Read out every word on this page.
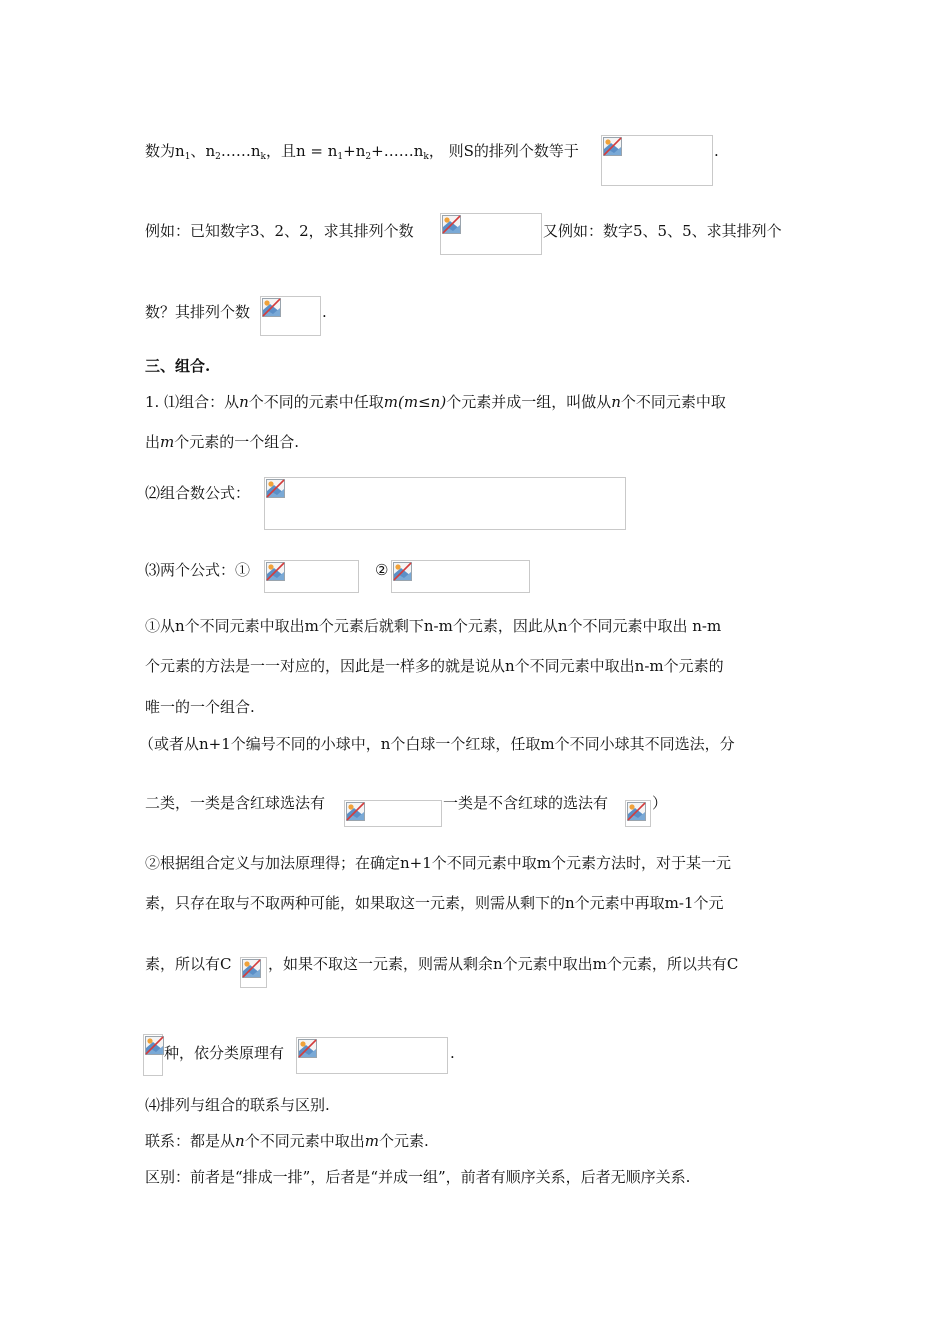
数为$n_1$、$n_2\dots\dots n_k$，且$n = n_1+n_2+\dots\dots n_k$， 则S的排列个数等于	.
例如：已知数字3、2、2，求其排列个数	又例如：数字5、5、5、求其排列个
数？其排列个数	.
三、组合.
1. ⑴组合：从n个不同的元素中任取m(m≤n)个元素并成一组，叫做从n个不同元素中取
出m个元素的一个组合.
⑵组合数公式：
⑶两个公式：①	②
①从n个不同元素中取出m个元素后就剩下n-m个元素，因此从n个不同元素中取出 n-m
个元素的方法是一一对应的，因此是一样多的就是说从n个不同元素中取出n-m个元素的
唯一的一个组合.
（或者从n+1个编号不同的小球中，n个白球一个红球，任取m个不同小球其不同选法，分
二类，一类是含红球选法有	一类是不含红球的选法有	）
②根据组合定义与加法原理得；在确定n+1个不同元素中取m个元素方法时，对于某一元
素，只存在取与不取两种可能，如果取这一元素，则需从剩下的n个元素中再取m-1个元
素，所以有C ，如果不取这一元素，则需从剩余n个元素中取出m个元素，所以共有C
种，依分类原理有	.
⑷排列与组合的联系与区别.
联系：都是从n个不同元素中取出m个元素.
区别：前者是“排成一排”，后者是“并成一组”，前者有顺序关系，后者无顺序关系.
